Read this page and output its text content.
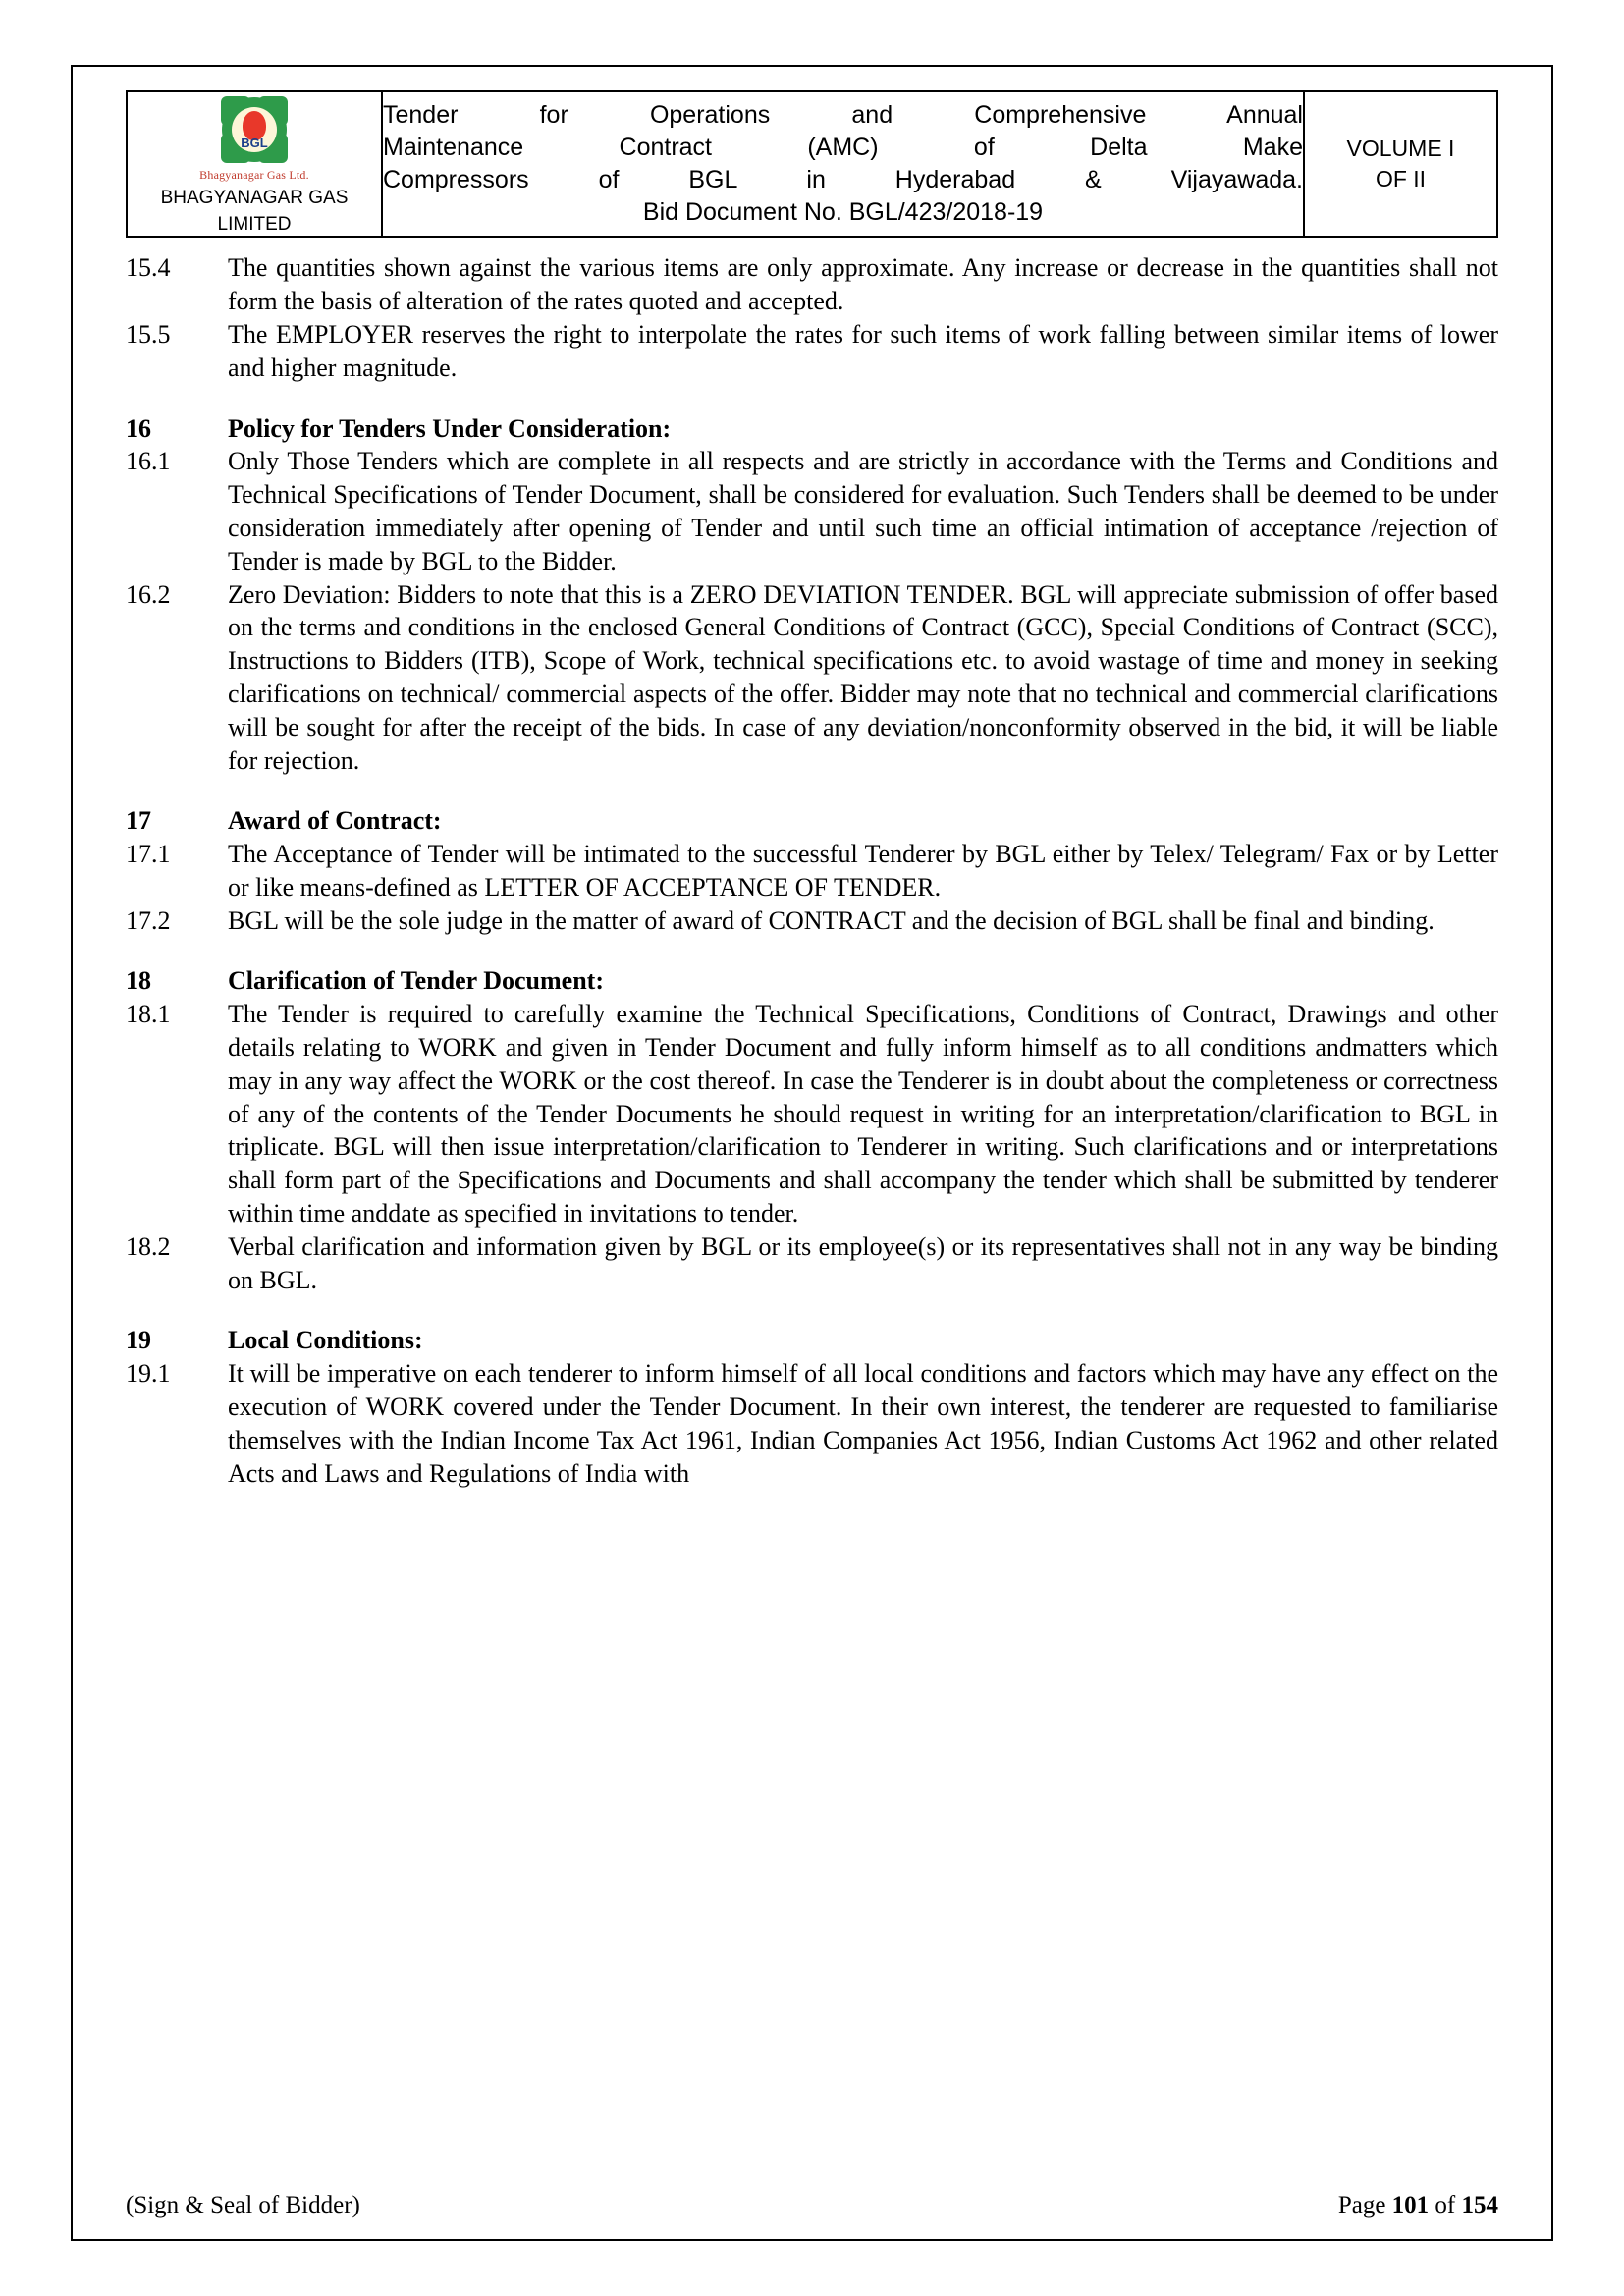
BGL
Bhagyanagar Gas Ltd.
BHAGYANAGAR GAS
LIMITED

Tender for Operations and Comprehensive Annual
Maintenance Contract (AMC) of Delta Make
Compressors of BGL in Hyderabad & Vijayawada.
Bid Document No. BGL/423/2018-19

VOLUME I
OF II
15.4	The quantities shown against the various items are only approximate. Any increase or decrease in the quantities shall not form the basis of alteration of the rates quoted and accepted.
15.5	The EMPLOYER reserves the right to interpolate the rates for such items of work falling between similar items of lower and higher magnitude.
16	Policy for Tenders Under Consideration:
16.1	Only Those Tenders which are complete in all respects and are strictly in accordance with the Terms and Conditions and Technical Specifications of Tender Document, shall be considered for evaluation. Such Tenders shall be deemed to be under consideration immediately after opening of Tender and until such time an official intimation of acceptance /rejection of Tender is made by BGL to the Bidder.
16.2	Zero Deviation: Bidders to note that this is a ZERO DEVIATION TENDER. BGL will appreciate submission of offer based on the terms and conditions in the enclosed General Conditions of Contract (GCC), Special Conditions of Contract (SCC), Instructions to Bidders (ITB), Scope of Work, technical specifications etc. to avoid wastage of time and money in seeking clarifications on technical/ commercial aspects of the offer. Bidder may note that no technical and commercial clarifications will be sought for after the receipt of the bids. In case of any deviation/nonconformity observed in the bid, it will be liable for rejection.
17	Award of Contract:
17.1	The Acceptance of Tender will be intimated to the successful Tenderer by BGL either by Telex/ Telegram/ Fax or by Letter or like means-defined as LETTER OF ACCEPTANCE OF TENDER.
17.2	BGL will be the sole judge in the matter of award of CONTRACT and the decision of BGL shall be final and binding.
18	Clarification of Tender Document:
18.1	The Tender is required to carefully examine the Technical Specifications, Conditions of Contract, Drawings and other details relating to WORK and given in Tender Document and fully inform himself as to all conditions andmatters which may in any way affect the WORK or the cost thereof. In case the Tenderer is in doubt about the completeness or correctness of any of the contents of the Tender Documents he should request in writing for an interpretation/clarification to BGL in triplicate. BGL will then issue interpretation/clarification to Tenderer in writing. Such clarifications and or interpretations shall form part of the Specifications and Documents and shall accompany the tender which shall be submitted by tenderer within time anddate as specified in invitations to tender.
18.2	Verbal clarification and information given by BGL or its employee(s) or its representatives shall not in any way be binding on BGL.
19	Local Conditions:
19.1	It will be imperative on each tenderer to inform himself of all local conditions and factors which may have any effect on the execution of WORK covered under the Tender Document. In their own interest, the tenderer are requested to familiarise themselves with the Indian Income Tax Act 1961, Indian Companies Act 1956, Indian Customs Act 1962 and other related Acts and Laws and Regulations of India with
(Sign & Seal of Bidder)	Page 101 of 154
